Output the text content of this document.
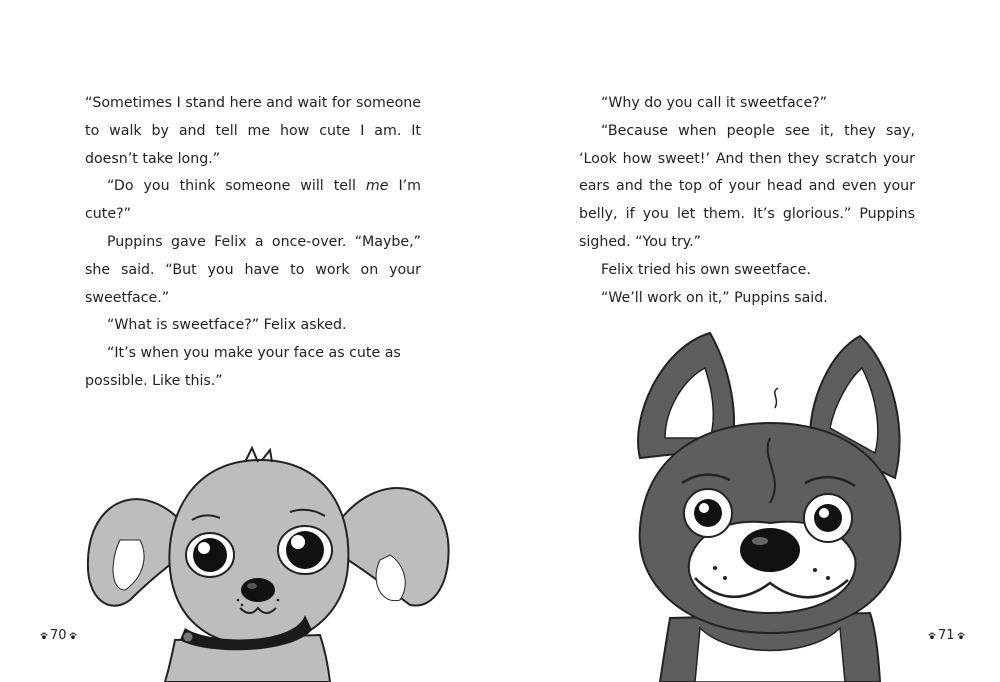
“Sometimes I stand here and wait for someone to walk by and tell me how cute I am. It doesn’t take long.”

“Do you think someone will tell me I’m cute?”

Puppins gave Felix a once-over. “Maybe,” she said. “But you have to work on your sweetface.”

“What is sweetface?” Felix asked.

“It’s when you make your face as cute as possible. Like this.”

70

“Why do you call it sweetface?”

“Because when people see it, they say, ‘Look how sweet!’ And then they scratch your ears and the top of your head and even your belly, if you let them. It’s glorious.” Puppins sighed. “You try.”

Felix tried his own sweetface.

“We’ll work on it,” Puppins said.

71
